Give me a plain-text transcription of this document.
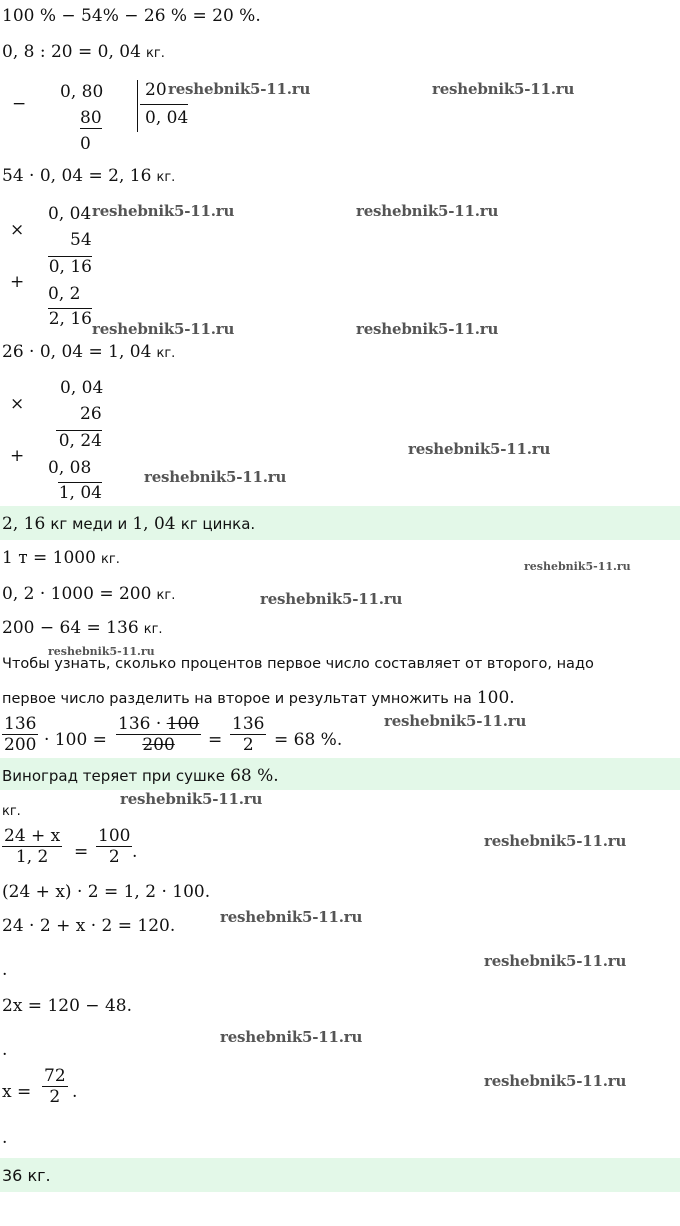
100 % − 54% − 26 % = 20 %.
0, 8 : 20 = 0, 04 кг.
−
0, 80
80
0
20
0, 04
54 · 0, 04 = 2, 16 кг.
×
0, 04
54
0, 16
+
0, 2
2, 16
26 · 0, 04 = 1, 04 кг.
×
0, 04
26
0, 24
+
0, 08
1, 04
2, 16 кг меди и 1, 04 кг цинка.
1 т = 1000 кг.
0, 2 · 1000 = 200 кг.
200 − 64 = 136 кг.
Чтобы узнать, сколько процентов первое число составляет от второго, надо
первое число разделить на второе и результат умножить на 100.
$\frac{136}{200} \cdot 100 = \frac{136 \cdot 100}{200} = \frac{136}{2} = 68$ %.
Виноград теряет при сушке 68 %.
кг.
$\frac{24 + x}{1, 2} = \frac{100}{2}$ .
(24 + x) · 2 = 1, 2 · 100.
24 · 2 + x · 2 = 120.
.
2x = 120 − 48.
.
$x = \frac{72}{2}$ .
.
36 кг.
reshebnik5-11.ru	reshebnik5-11.ru
reshebnik5-11.ru	reshebnik5-11.ru
reshebnik5-11.ru	reshebnik5-11.ru
reshebnik5-11.ru
reshebnik5-11.ru
reshebnik5-11.ru
reshebnik5-11.ru
reshebnik5-11.ru
reshebnik5-11.ru
reshebnik5-11.ru
reshebnik5-11.ru
reshebnik5-11.ru
reshebnik5-11.ru
reshebnik5-11.ru
reshebnik5-11.ru
